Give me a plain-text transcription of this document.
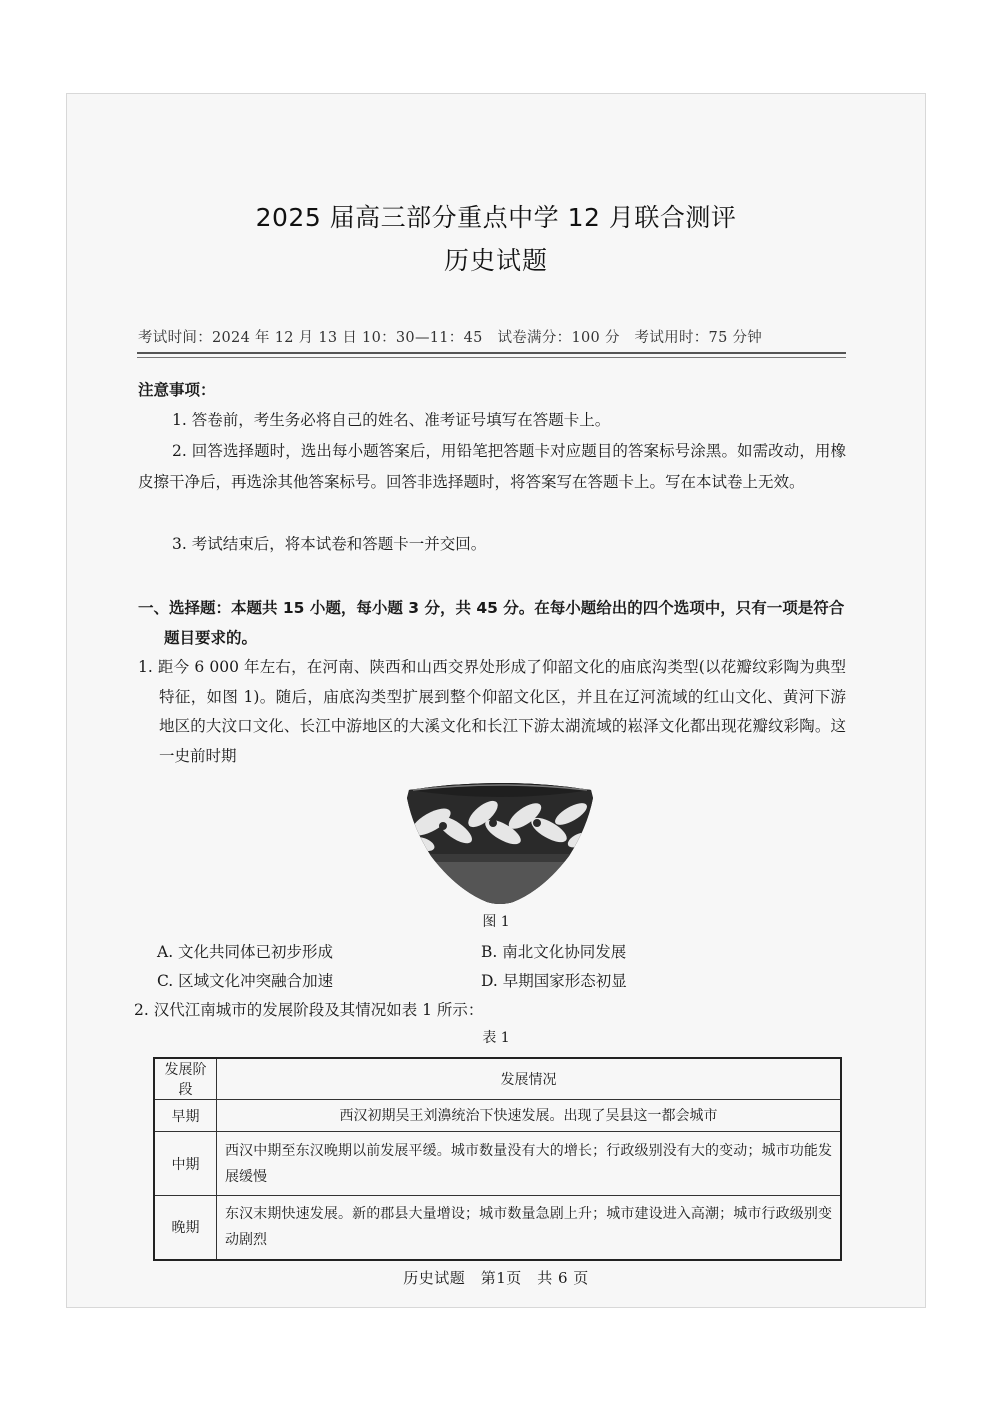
2025 届高三部分重点中学 12 月联合测评
历史试题
考试时间：2024 年 12 月 13 日 10：30—11：45　试卷满分：100 分　考试用时：75 分钟
注意事项：
1. 答卷前，考生务必将自己的姓名、准考证号填写在答题卡上。
2. 回答选择题时，选出每小题答案后，用铅笔把答题卡对应题目的答案标号涂黑。如需改动，用橡皮擦干净后，再选涂其他答案标号。回答非选择题时，将答案写在答题卡上。写在本试卷上无效。
3. 考试结束后，将本试卷和答题卡一并交回。
一、选择题：本题共 15 小题，每小题 3 分，共 45 分。在每小题给出的四个选项中，只有一项是符合题目要求的。
1. 距今 6 000 年左右，在河南、陕西和山西交界处形成了仰韶文化的庙底沟类型(以花瓣纹彩陶为典型特征，如图 1)。随后，庙底沟类型扩展到整个仰韶文化区，并且在辽河流域的红山文化、黄河下游地区的大汶口文化、长江中游地区的大溪文化和长江下游太湖流域的崧泽文化都出现花瓣纹彩陶。这一史前时期
图 1
A. 文化共同体已初步形成	B. 南北文化协同发展
C. 区域文化冲突融合加速	D. 早期国家形态初显
2. 汉代江南城市的发展阶段及其情况如表 1 所示：
表 1
发展阶段	发展情况
早期	西汉初期吴王刘濞统治下快速发展。出现了吴县这一都会城市
中期	西汉中期至东汉晚期以前发展平缓。城市数量没有大的增长；行政级别没有大的变动；城市功能发展缓慢
晚期	东汉末期快速发展。新的郡县大量增设；城市数量急剧上升；城市建设进入高潮；城市行政级别变动剧烈
历史试题　第1页　共 6 页
